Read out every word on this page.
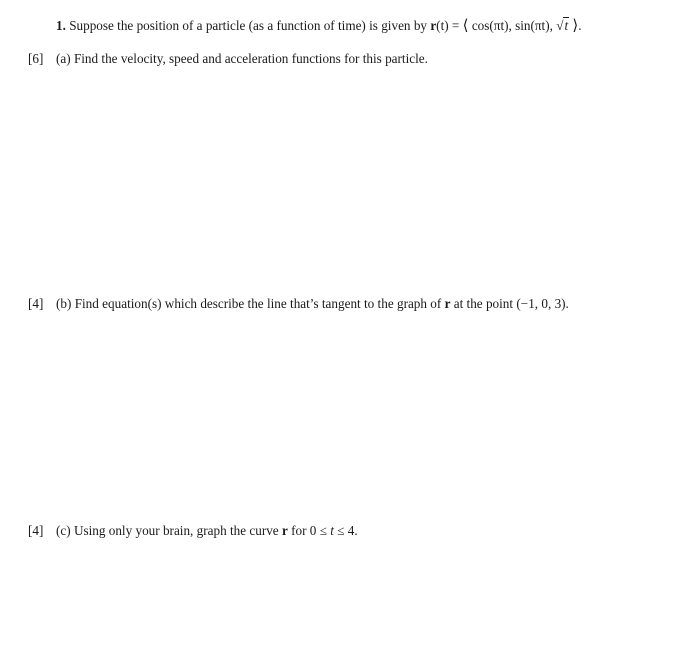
1. Suppose the position of a particle (as a function of time) is given by r(t) = ⟨ cos(πt), sin(πt), √t ⟩.
[6] (a) Find the velocity, speed and acceleration functions for this particle.
[4] (b) Find equation(s) which describe the line that’s tangent to the graph of r at the point (−1, 0, 3).
[4] (c) Using only your brain, graph the curve r for 0 ≤ t ≤ 4.
